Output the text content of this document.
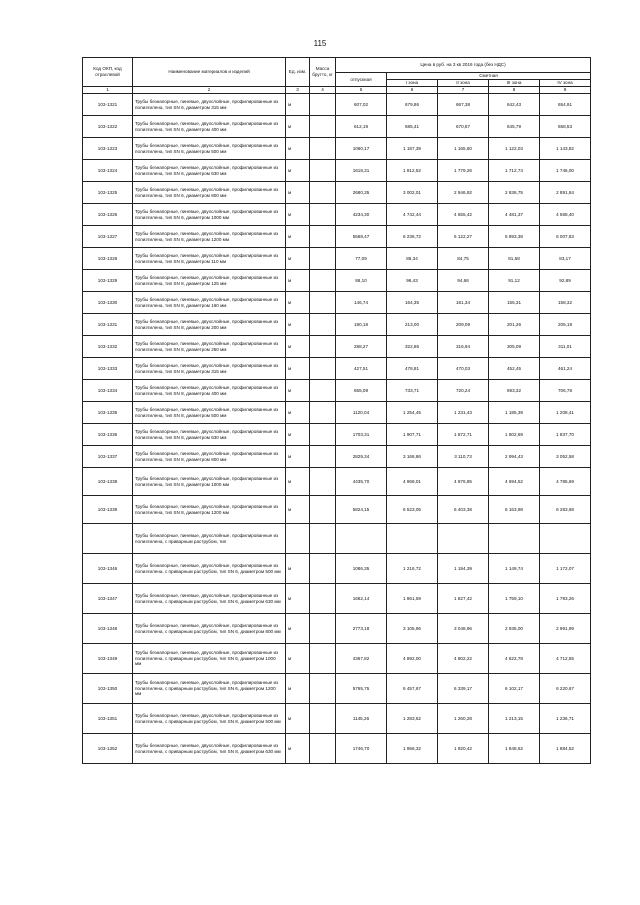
115
Код ОКП, код отраслевой	Наименование материалов и изделий	Ед. изм.	Масса брутто, кг	Цена в руб. на 3 кв 2016 года (без НДС)				
				отпускная	Сметная			
					I зона	II зона	III зона	IV зона
1	2	3	4	5	6	7	8	9
103-1321	Трубы безнапорные, пиневые, двухслойные, профилированные из полиэтилена, тип SN 6, диаметром 315 мм	м		607,02	679,86	667,38	642,43	654,91
103-1322	Трубы безнапорные, пиневые, двухслойные, профилированные из полиэтилена, тип SN 6, диаметром 400 мм	м		612,19	685,41	670,67	645,79	658,53
103-1323	Трубы безнапорные, пиневые, двухслойные, профилированные из полиэтилена, тип SN 6, диаметром 500 мм	м		1060,17	1 187,39	1 165,60	1 122,03	1 143,82
103-1324	Трубы безнапорные, пиневые, двухслойные, профилированные из полиэтилена, тип SN 6, диаметром 630 мм	м		1618,31	1 812,52	1 779,26	1 712,74	1 746,00
103-1325	Трубы безнапорные, пиневые, двухслойные, профилированные из полиэтилена, тип SN 6, диаметром 800 мм	м		2680,35	3 002,01	2 946,92	2 836,75	2 891,84
103-1326	Трубы безнапорные, пиневые, двухслойные, профилированные из полиэтилена, тип SN 6, диаметром 1000 мм	м		4234,30	4 742,44	4 655,42	4 481,37	4 568,40
103-1327	Трубы безнапорные, пиневые, двухслойные, профилированные из полиэтилена, тип SN 6, диаметром 1200 мм	м		5568,47	6 236,72	6 122,27	5 893,38	6 007,83
103-1328	Трубы безнапорные, пиневые, двухслойные, профилированные из полиэтилена, тип SN 8, диаметром 110 мм	м		77,09	86,34	84,75	81,58	83,17
103-1329	Трубы безнапорные, пиневые, двухслойные, профилированные из полиэтилена, тип SN 8, диаметром 125 мм	м		86,10	96,43	94,66	91,12	92,89
103-1330	Трубы безнапорные, пиневые, двухслойные, профилированные из полиэтилена, тип SN 8, диаметром 160 мм	м		146,74	164,35	161,34	155,31	158,32
103-1331	Трубы безнапорные, пиневые, двухслойные, профилированные из полиэтилена, тип SN 8, диаметром 200 мм	м		190,18	213,00	209,09	201,26	205,19
103-1332	Трубы безнапорные, пиневые, двухслойные, профилированные из полиэтилена, тип SN 8, диаметром 250 мм	м		288,27	322,86	316,94	305,09	311,01
103-1333	Трубы безнапорные, пиневые, двухслойные, профилированные из полиэтилена, тип SN 8, диаметром 315 мм	м		427,51	478,81	470,03	452,45	461,24
103-1334	Трубы безнапорные, пиневые, двухслойные, профилированные из полиэтилена, тип SN 8, диаметром 400 мм	м		655,09	733,71	720,24	693,32	706,78
103-1335	Трубы безнапорные, пиневые, двухслойные, профилированные из полиэтилена, тип SN 8, диаметром 500 мм	м		1120,04	1 254,45	1 231,43	1 185,39	1 208,41
103-1336	Трубы безнапорные, пиневые, двухслойные, профилированные из полиэтилена, тип SN 8, диаметром 630 мм	м		1703,31	1 907,71	1 872,71	1 802,69	1 837,70
103-1337	Трубы безнапорные, пиневые, двухслойные, профилированные из полиэтилена, тип SN 8, диаметром 800 мм	м		2829,34	3 168,86	3 110,73	2 994,43	3 052,58
103-1338	Трубы безнапорные, пиневые, двухслойные, профилированные из полиэтилена, тип SN 8, диаметром 1000 мм	м		4435,70	4 968,01	4 876,85	4 694,52	4 785,69
103-1339	Трубы безнапорные, пиневые, двухслойные, профилированные из полиэтилена, тип SN 8, диаметром 1200 мм	м		5824,15	6 523,05	6 403,38	6 163,98	6 283,68
	Трубы безнапорные, пиневые, двухслойные, профилированные из полиэтилена, с приварным раструбом, тип							
103-1346	Трубы безнапорные, пиневые, двухслойные, профилированные из полиэтилена, с приварным раструбом, тип SN 6, диаметром 500 мм	м		1086,35	1 216,72	1 194,39	1 149,74	1 172,07
103-1347	Трубы безнапорные, пиневые, двухслойные, профилированные из полиэтилена, с приварным раструбом, тип SN 6, диаметром 630 мм	м		1662,14	1 861,59	1 827,42	1 759,10	1 793,26
103-1348	Трубы безнапорные, пиневые, двухслойные, профилированные из полиэтилена, с приварным раструбом, тип SN 6, диаметром 800 мм	м		2773,18	3 105,96	3 048,96	2 935,00	2 991,99
103-1349	Трубы безнапорные, пиневые, двухслойные, профилированные из полиэтилена, с приварным раструбом, тип SN 6, диаметром 1000 мм	м		4367,82	4 892,00	4 802,22	4 622,78	4 712,55
103-1350	Трубы безнапорные, пиневые, двухслойные, профилированные из полиэтилена, с приварным раструбом, тип SN 6, диаметром 1200 мм	м		5765,75	6 457,67	6 339,17	6 102,17	6 220,67
103-1351	Трубы безнапорные, пиневые, двухслойные, профилированные из полиэтилена, с приварным раструбом, тип SN 8, диаметром 500 мм	м		1145,26	1 283,62	1 260,28	1 213,15	1 236,71
103-1352	Трубы безнапорные, пиневые, двухслойные, профилированные из полиэтилена, с приварным раструбом, тип SN 8, диаметром 630 мм	м		1746,70	1 956,32	1 920,42	1 848,62	1 884,52
